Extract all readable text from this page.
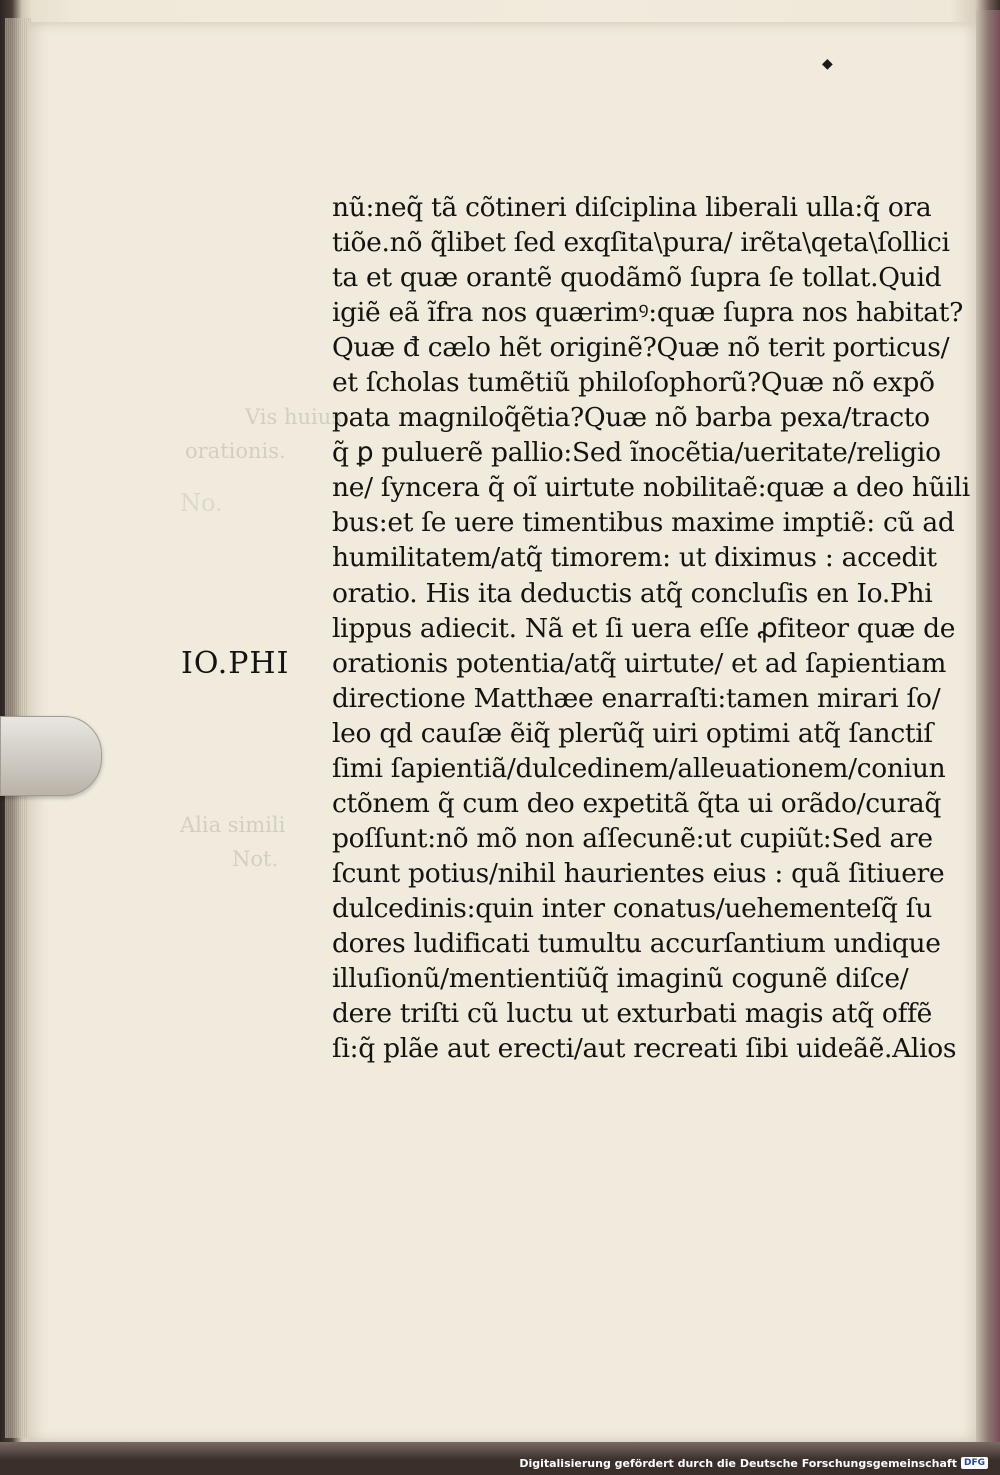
◆
Vis huius
orationis.
No.
Alia simili
Not.
IO.PHI
nũ:neq̃ tã cõtineri diſciplina liberali ulla:q̃ ora
tiõe.nõ q̃libet ſed exqſita\pura/ irẽta\qeta\ſollici
ta et quæ orantẽ quodãmõ ſupra ſe tollat.Quid
igiẽ eã ĩfra nos quærimꝰ:quæ ſupra nos habitat?
Quæ đ cælo hẽt originẽ?Quæ nõ terit porticus/
et ſcholas tumẽtiũ philoſophorũ?Quæ nõ expõ
pata magniloq̃ẽtia?Quæ nõ barba pexa/tracto
q̃ ꝑ puluerẽ pallio:Sed ĩnocẽtia/ueritate/religio
ne/ ſyncera q̃ oĩ uirtute nobilitaẽ:quæ a deo hũili
bus:et ſe uere timentibus maxime imptiẽ: cũ ad
humilitatem/atq̃ timorem: ut diximus : accedit
oratio. His ita deductis atq̃ concluſis en Io.Phi
lippus adiecit. Nã et ſi uera eſſe ꝓfiteor quæ de
orationis potentia/atq̃ uirtute/ et ad ſapientiam
directione Matthæe enarraſti:tamen mirari ſo/
leo qd cauſæ ẽiq̃ plerũq̃ uiri optimi atq̃ ſanctiſ
ſimi ſapientiã/dulcedinem/alleuationem/coniun
ctõnem q̃ cum deo expetitã q̃ta ui orãdo/curaq̃
poſſunt:nõ mõ non aſſecunẽ:ut cupiũt:Sed are
ſcunt potius/nihil haurientes eius : quã ſitiuere
dulcedinis:quin inter conatus/uehementeſq̃ ſu
dores ludificati tumultu accurſantium undique
illuſionũ/mentientiũq̃ imaginũ cogunẽ diſce/
dere triſti cũ luctu ut exturbati magis atq̃ offẽ
ſi:q̃ plãe aut erecti/aut recreati ſibi uideãẽ.Alios
Digitalisierung gefördert durch die Deutsche Forschungsgemeinschaft DFG
